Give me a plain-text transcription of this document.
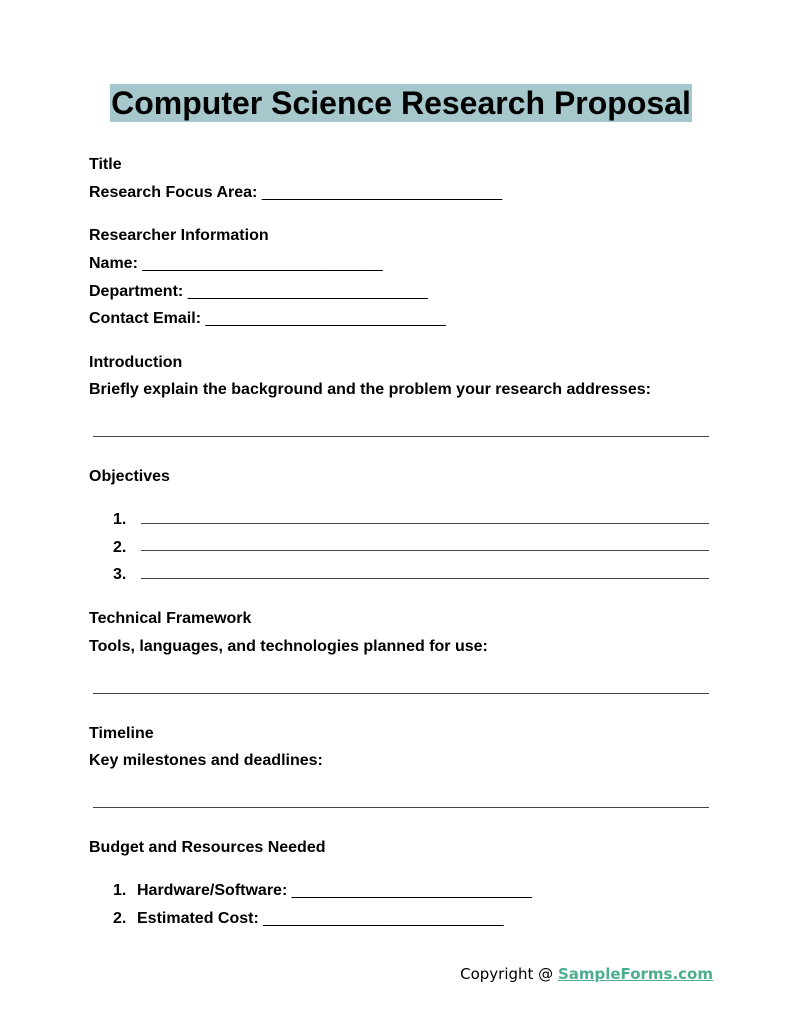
Computer Science Research Proposal
Title
Research Focus Area: ___________________________
Researcher Information
Name: ___________________________
Department: ___________________________
Contact Email: ___________________________
Introduction
Briefly explain the background and the problem your research addresses:
Objectives
1.
2.
3.
Technical Framework
Tools, languages, and technologies planned for use:
Timeline
Key milestones and deadlines:
Budget and Resources Needed
1. Hardware/Software: ___________________________
2. Estimated Cost: ___________________________
Copyright @ SampleForms.com
